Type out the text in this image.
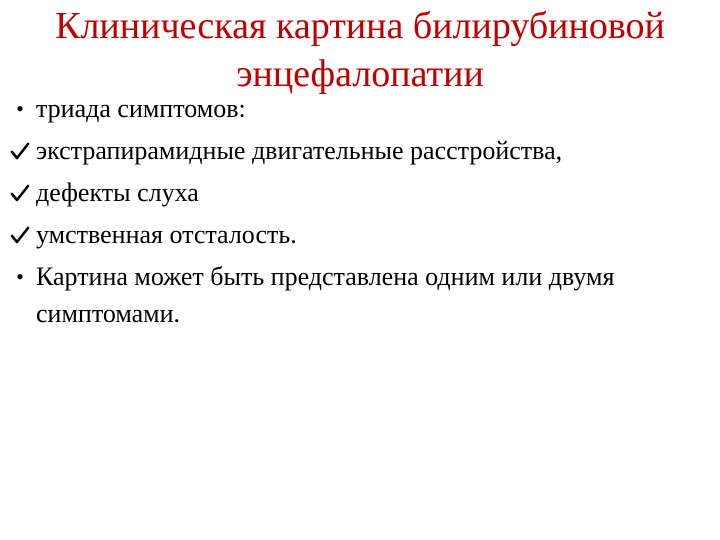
Клиническая картина билирубиновой энцефалопатии
• триада симптомов:
экстрапирамидные двигательные расстройства,
дефекты слуха
умственная отсталость.
• Картина может быть представлена одним или двумя симптомами.
